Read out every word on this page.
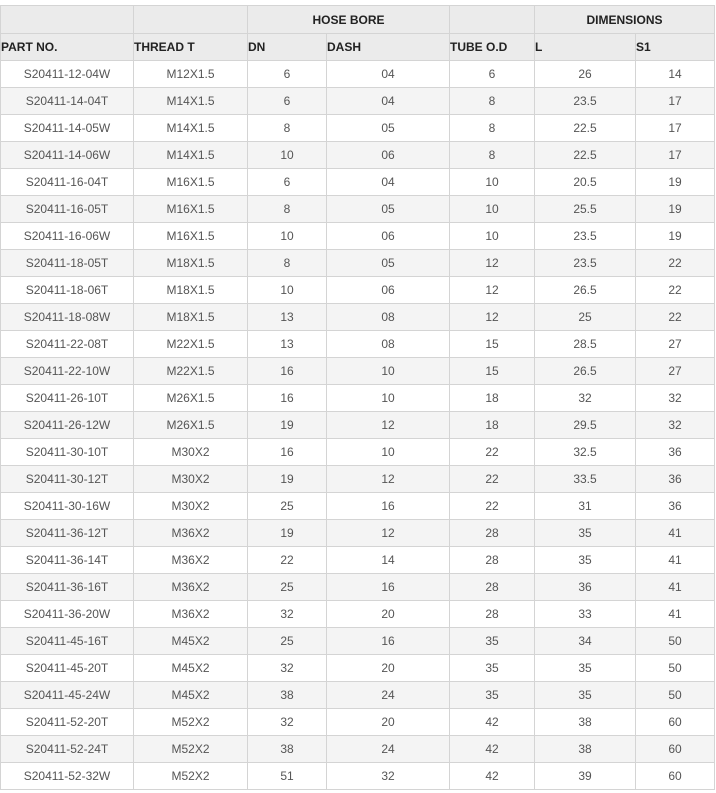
		HOSE BORE			DIMENSIONS	
PART NO.	THREAD T	DN	DASH	TUBE O.D	L	S1
S20411-12-04W	M12X1.5	6	04	6	26	14
S20411-14-04T	M14X1.5	6	04	8	23.5	17
S20411-14-05W	M14X1.5	8	05	8	22.5	17
S20411-14-06W	M14X1.5	10	06	8	22.5	17
S20411-16-04T	M16X1.5	6	04	10	20.5	19
S20411-16-05T	M16X1.5	8	05	10	25.5	19
S20411-16-06W	M16X1.5	10	06	10	23.5	19
S20411-18-05T	M18X1.5	8	05	12	23.5	22
S20411-18-06T	M18X1.5	10	06	12	26.5	22
S20411-18-08W	M18X1.5	13	08	12	25	22
S20411-22-08T	M22X1.5	13	08	15	28.5	27
S20411-22-10W	M22X1.5	16	10	15	26.5	27
S20411-26-10T	M26X1.5	16	10	18	32	32
S20411-26-12W	M26X1.5	19	12	18	29.5	32
S20411-30-10T	M30X2	16	10	22	32.5	36
S20411-30-12T	M30X2	19	12	22	33.5	36
S20411-30-16W	M30X2	25	16	22	31	36
S20411-36-12T	M36X2	19	12	28	35	41
S20411-36-14T	M36X2	22	14	28	35	41
S20411-36-16T	M36X2	25	16	28	36	41
S20411-36-20W	M36X2	32	20	28	33	41
S20411-45-16T	M45X2	25	16	35	34	50
S20411-45-20T	M45X2	32	20	35	35	50
S20411-45-24W	M45X2	38	24	35	35	50
S20411-52-20T	M52X2	32	20	42	38	60
S20411-52-24T	M52X2	38	24	42	38	60
S20411-52-32W	M52X2	51	32	42	39	60
